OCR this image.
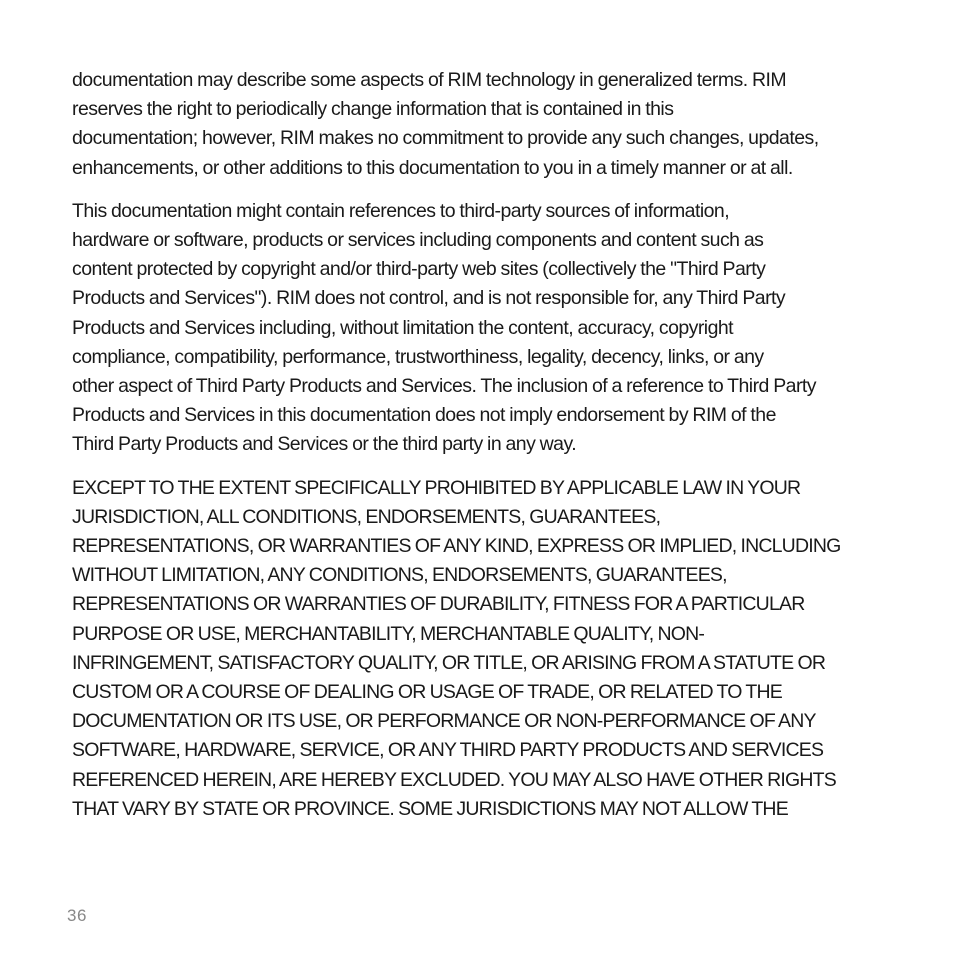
documentation may describe some aspects of RIM technology in generalized terms. RIM
reserves the right to periodically change information that is contained in this
documentation; however, RIM makes no commitment to provide any such changes, updates,
enhancements, or other additions to this documentation to you in a timely manner or at all.

This documentation might contain references to third-party sources of information,
hardware or software, products or services including components and content such as
content protected by copyright and/or third-party web sites (collectively the "Third Party
Products and Services"). RIM does not control, and is not responsible for, any Third Party
Products and Services including, without limitation the content, accuracy, copyright
compliance, compatibility, performance, trustworthiness, legality, decency, links, or any
other aspect of Third Party Products and Services. The inclusion of a reference to Third Party
Products and Services in this documentation does not imply endorsement by RIM of the
Third Party Products and Services or the third party in any way.

EXCEPT TO THE EXTENT SPECIFICALLY PROHIBITED BY APPLICABLE LAW IN YOUR
JURISDICTION, ALL CONDITIONS, ENDORSEMENTS, GUARANTEES,
REPRESENTATIONS, OR WARRANTIES OF ANY KIND, EXPRESS OR IMPLIED, INCLUDING
WITHOUT LIMITATION, ANY CONDITIONS, ENDORSEMENTS, GUARANTEES,
REPRESENTATIONS OR WARRANTIES OF DURABILITY, FITNESS FOR A PARTICULAR
PURPOSE OR USE, MERCHANTABILITY, MERCHANTABLE QUALITY, NON-
INFRINGEMENT, SATISFACTORY QUALITY, OR TITLE, OR ARISING FROM A STATUTE OR
CUSTOM OR A COURSE OF DEALING OR USAGE OF TRADE, OR RELATED TO THE
DOCUMENTATION OR ITS USE, OR PERFORMANCE OR NON-PERFORMANCE OF ANY
SOFTWARE, HARDWARE, SERVICE, OR ANY THIRD PARTY PRODUCTS AND SERVICES
REFERENCED HEREIN, ARE HEREBY EXCLUDED. YOU MAY ALSO HAVE OTHER RIGHTS
THAT VARY BY STATE OR PROVINCE. SOME JURISDICTIONS MAY NOT ALLOW THE

36
